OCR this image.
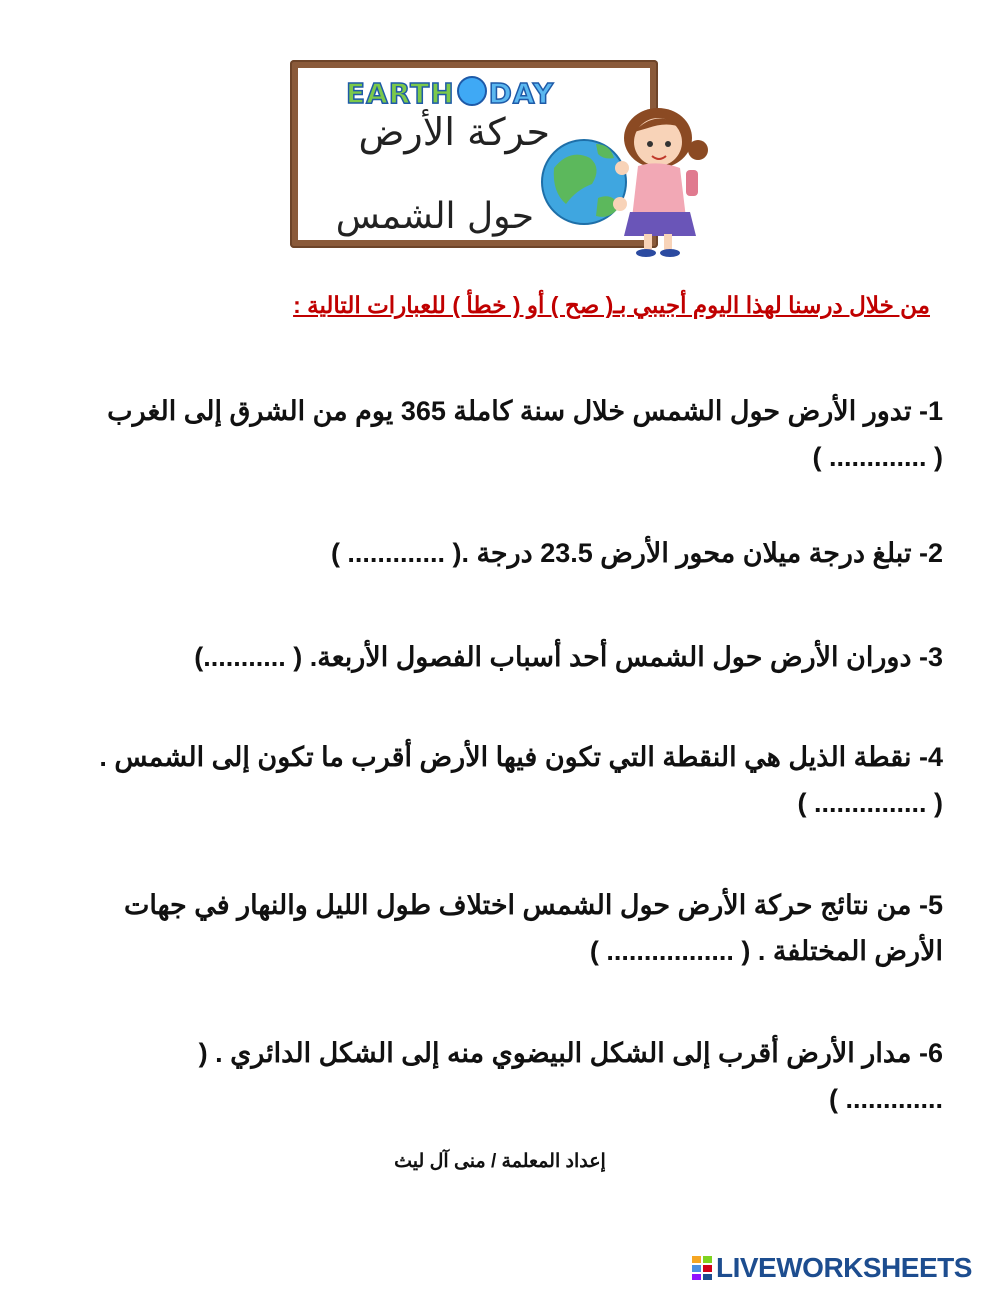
EARTH DAY
حركة الأرض
حول الشمس
من خلال درسنا لهذا اليوم أجيبي بـ( صح ) أو ( خطأ ) للعبارات التالية :
1- تدور الأرض حول الشمس خلال سنة كاملة 365 يوم من الشرق إلى الغرب ( ............. )
2- تبلغ درجة ميلان محور الأرض 23.5 درجة .( ............. )
3- دوران الأرض حول الشمس أحد أسباب الفصول الأربعة. ( ...........)
4- نقطة الذيل هي النقطة التي تكون فيها الأرض أقرب ما تكون إلى الشمس . ( ............... )
5- من نتائج حركة الأرض حول الشمس اختلاف طول الليل والنهار في جهات الأرض المختلفة . ( ................. )
6- مدار الأرض أقرب إلى الشكل البيضوي منه إلى الشكل الدائري . ( ............. )
إعداد المعلمة / منى آل ليث
LIVEWORKSHEETS
